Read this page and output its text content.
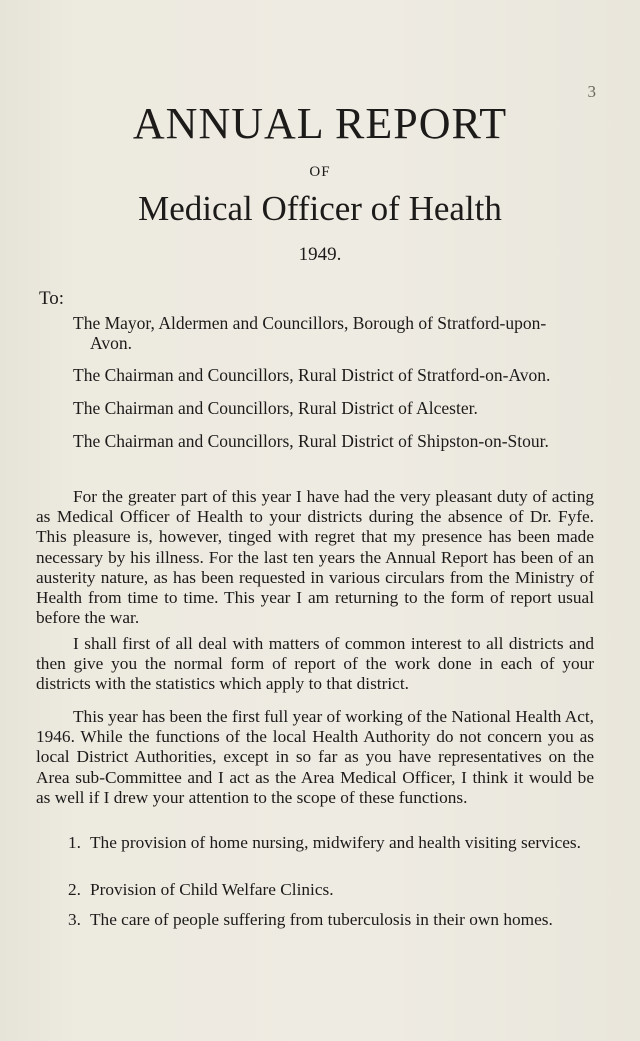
3
ANNUAL REPORT
OF
Medical Officer of Health
1949.
To:
The Mayor, Aldermen and Councillors, Borough of Stratford-upon-
Avon.
The Chairman and Councillors, Rural District of Stratford-on-Avon.
The Chairman and Councillors, Rural District of Alcester.
The Chairman and Councillors, Rural District of Shipston-on-Stour.

For the greater part of this year I have had the very pleasant duty of acting as Medical Officer of Health to your districts during the absence of Dr. Fyfe. This pleasure is, however, tinged with regret that my presence has been made necessary by his illness. For the last ten years the Annual Report has been of an austerity nature, as has been requested in various circulars from the Ministry of Health from time to time. This year I am returning to the form of report usual before the war.

I shall first of all deal with matters of common interest to all districts and then give you the normal form of report of the work done in each of your districts with the statistics which apply to that district.

This year has been the first full year of working of the National Health Act, 1946. While the functions of the local Health Authority do not concern you as local District Authorities, except in so far as you have representatives on the Area sub-Committee and I act as the Area Medical Officer, I think it would be as well if I drew your attention to the scope of these functions.

1. The provision of home nursing, midwifery and health visiting services.
2. Provision of Child Welfare Clinics.
3. The care of people suffering from tuberculosis in their own homes.
